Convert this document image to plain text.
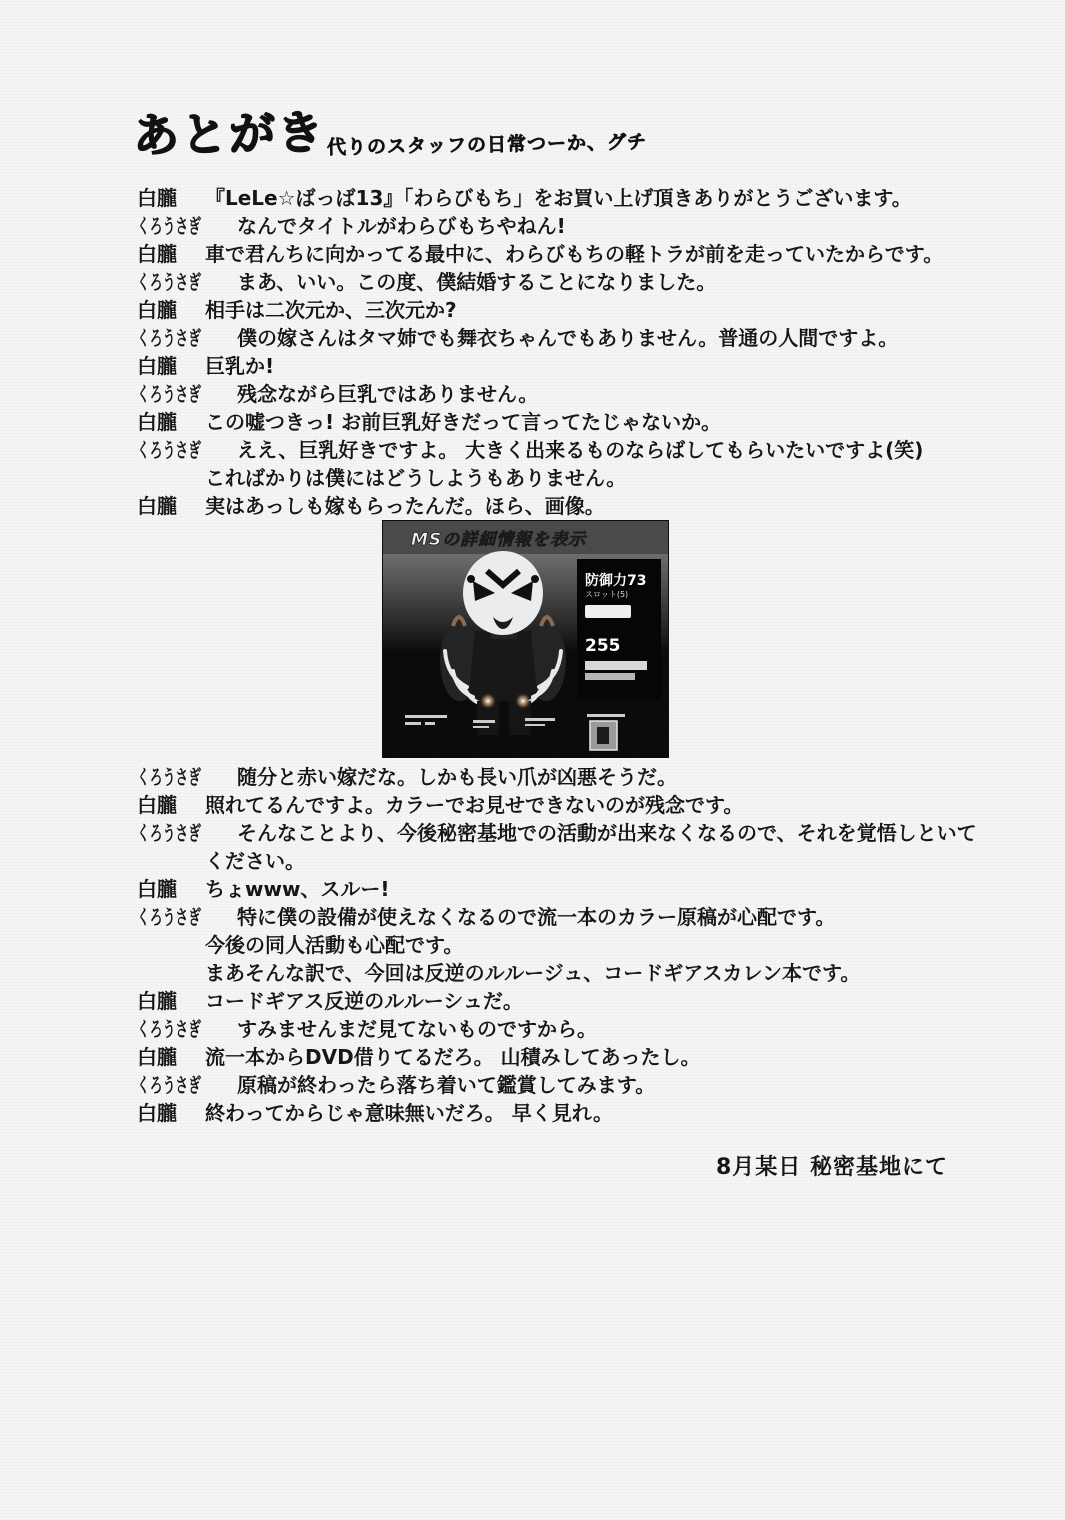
あとがき 代りのスタッフの日常つーか、グチ
白朧	『LeLe☆ばっば13』「わらびもち」をお買い上げ頂きありがとうございます。
くろうさぎ	なんでタイトルがわらびもちやねん!
白朧	車で君んちに向かってる最中に、わらびもちの軽トラが前を走っていたからです。
くろうさぎ	まあ、いい。この度、僕結婚することになりました。
白朧	相手は二次元か、三次元か?
くろうさぎ	僕の嫁さんはタマ姉でも舞衣ちゃんでもありません。普通の人間ですよ。
白朧	巨乳か!
くろうさぎ	残念ながら巨乳ではありません。
白朧	この嘘つきっ! お前巨乳好きだって言ってたじゃないか。
くろうさぎ	ええ、巨乳好きですよ。 大きく出来るものならばしてもらいたいですよ(笑)
こればかりは僕にはどうしようもありません。
白朧	実はあっしも嫁もらったんだ。ほら、画像。
MSの詳細情報を表示
防御力73
スロット(5)
255
くろうさぎ	随分と赤い嫁だな。しかも長い爪が凶悪そうだ。
白朧	照れてるんですよ。カラーでお見せできないのが残念です。
くろうさぎ	そんなことより、今後秘密基地での活動が出来なくなるので、それを覚悟しといて
ください。
白朧	ちょwww、スルー!
くろうさぎ	特に僕の設備が使えなくなるので流一本のカラー原稿が心配です。
今後の同人活動も心配です。
まあそんな訳で、今回は反逆のルルージュ、コードギアスカレン本です。
白朧	コードギアス反逆のルルーシュだ。
くろうさぎ	すみませんまだ見てないものですから。
白朧	流一本からDVD借りてるだろ。 山積みしてあったし。
くろうさぎ	原稿が終わったら落ち着いて鑑賞してみます。
白朧	終わってからじゃ意味無いだろ。 早く見れ。
8月某日 秘密基地にて
